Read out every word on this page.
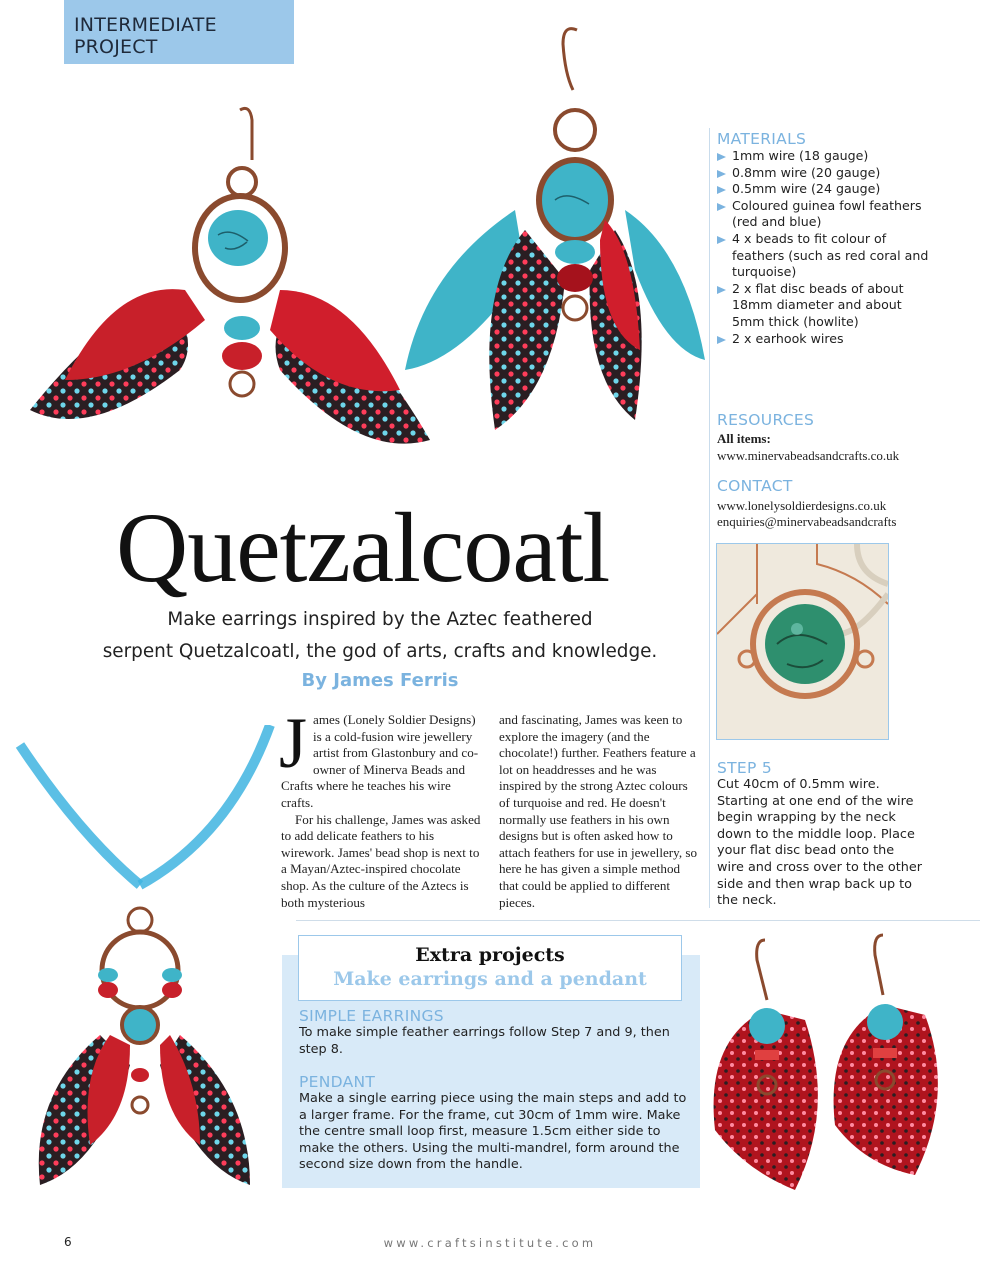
INTERMEDIATE PROJECT
MATERIALS
1mm wire (18 gauge)
0.8mm wire (20 gauge)
0.5mm wire (24 gauge)
Coloured guinea fowl feathers (red and blue)
4 x beads to fit colour of feathers (such as red coral and turquoise)
2 x flat disc beads of about 18mm diameter and about 5mm thick (howlite)
2 x earhook wires
RESOURCES
All items:
www.minervabeadsandcrafts.co.uk
CONTACT
www.lonelysoldierdesigns.co.uk
enquiries@minervabeadsandcrafts
STEP 5
Cut 40cm of 0.5mm wire. Starting at one end of the wire begin wrapping by the neck down to the middle loop. Place your flat disc bead onto the wire and cross over to the other side and then wrap back up to the neck.
Quetzalcoatl
Make earrings inspired by the Aztec feathered
serpent Quetzalcoatl, the god of arts, crafts and knowledge.
By James Ferris

James (Lonely Soldier Designs) is a cold-fusion wire jewellery artist from Glastonbury and co-owner of Minerva Beads and Crafts where he teaches his wire crafts.

For his challenge, James was asked to add delicate feathers to his wirework. James' bead shop is next to a Mayan/Aztec-inspired chocolate shop. As the culture of the Aztecs is both mysterious

and fascinating, James was keen to explore the imagery (and the chocolate!) further. Feathers feature a lot on headdresses and he was inspired by the strong Aztec colours of turquoise and red. He doesn't normally use feathers in his own designs but is often asked how to attach feathers for use in jewellery, so here he has given a simple method that could be applied to different pieces.

Extra projects
Make earrings and a pendant
SIMPLE EARRINGS
To make simple feather earrings follow Step 7 and 9, then step 8.
PENDANT
Make a single earring piece using the main steps and add to a larger frame. For the frame, cut 30cm of 1mm wire. Make the centre small loop first, measure 1.5cm either side to make the others. Using the multi-mandrel, form around the second size down from the handle.
6	www.craftsinstitute.com
